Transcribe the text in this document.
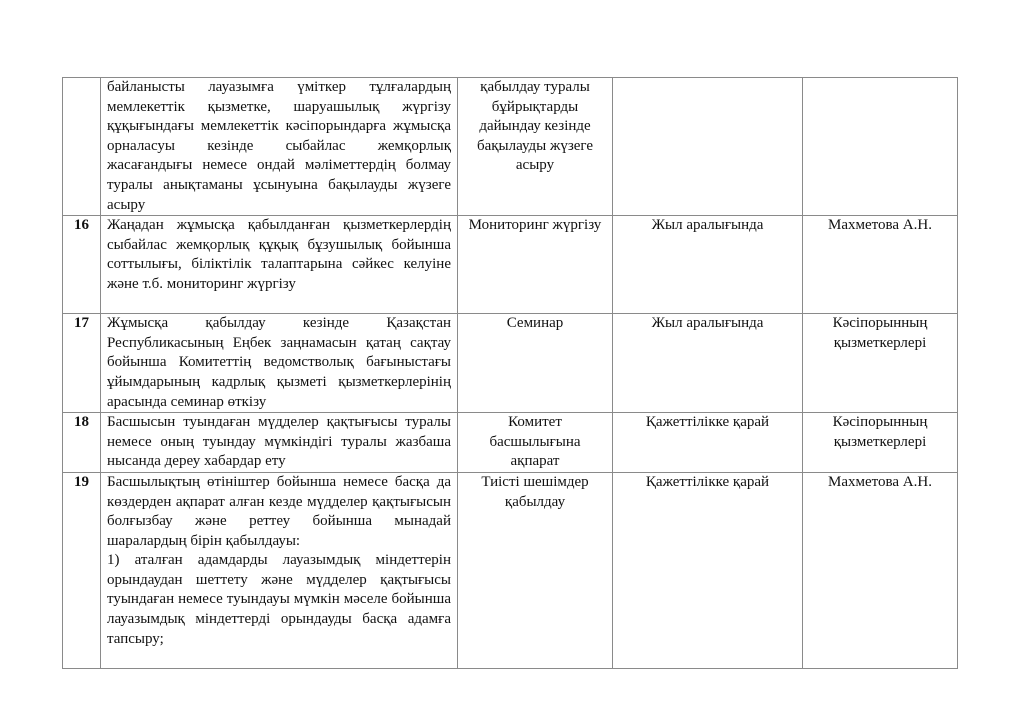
	байланысты лауазымға үміткер тұлғалардың мемлекеттік қызметке, шаруашылық жүргізу құқығындағы мемлекеттік кәсіпорындарға жұмысқа орналасуы кезінде сыбайлас жемқорлық жасағандығы немесе ондай мәліметтердің болмау туралы анықтаманы ұсынуына бақылауды жүзеге асыру	қабылдау туралы бұйрықтарды дайындау кезінде бақылауды жүзеге асыру		
16	Жаңадан жұмысқа қабылданған қызметкерлердің сыбайлас жемқорлық құқық бұзушылық бойынша соттылығы, біліктілік талаптарына сәйкес келуіне және т.б. мониторинг жүргізу	Мониторинг жүргізу	Жыл аралығында	Махметова А.Н.
17	Жұмысқа қабылдау кезінде Қазақстан Республикасының Еңбек заңнамасын қатаң сақтау бойынша Комитеттің ведомстволық бағыныстағы ұйымдарының кадрлық қызметі қызметкерлерінің арасында семинар өткізу	Семинар	Жыл аралығында	Кәсіпорынның қызметкерлері
18	Басшысын туындаған мүдделер қақтығысы туралы немесе оның туындау мүмкіндігі туралы жазбаша нысанда дереу хабардар ету	Комитет басшылығына ақпарат	Қажеттілікке қарай	Кәсіпорынның қызметкерлері
19	Басшылықтың өтініштер бойынша немесе басқа да көздерден ақпарат алған кезде мүдделер қақтығысын болғызбау және реттеу бойынша мынадай шаралардың бірін қабылдауы:

1) аталған адамдарды лауазымдық міндеттерін орындаудан шеттету және мүдделер қақтығысы туындаған немесе туындауы мүмкін мәселе бойынша лауазымдық міндеттерді орындауды басқа адамға тапсыру;	Тиісті шешімдер қабылдау	Қажеттілікке қарай	Махметова А.Н.
